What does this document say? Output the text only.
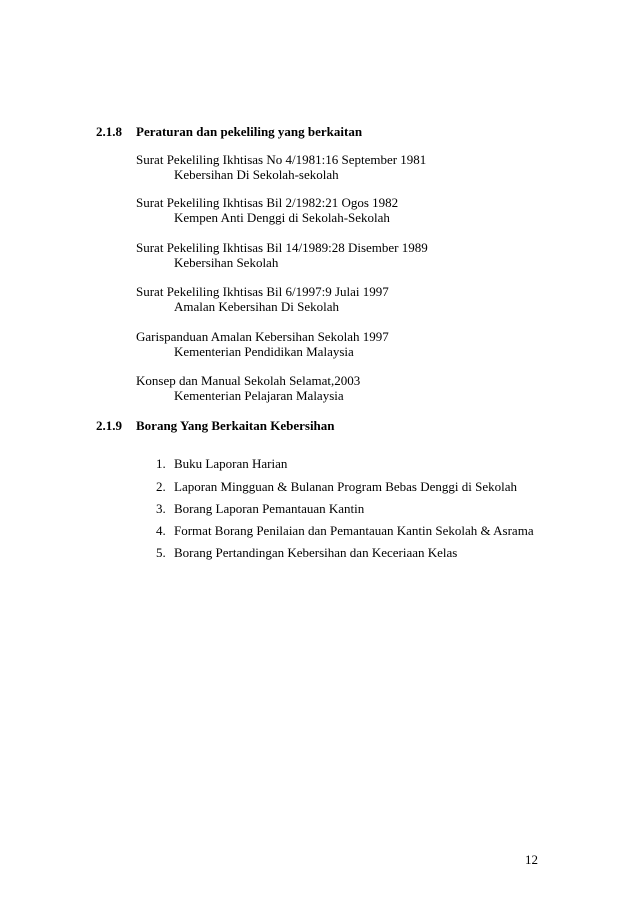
2.1.8 Peraturan dan pekeliling yang berkaitan
Surat Pekeliling Ikhtisas No 4/1981:16 September 1981
Kebersihan Di Sekolah-sekolah
Surat Pekeliling Ikhtisas Bil 2/1982:21 Ogos 1982
Kempen Anti Denggi di Sekolah-Sekolah
Surat Pekeliling Ikhtisas Bil 14/1989:28 Disember 1989
Kebersihan Sekolah
Surat Pekeliling Ikhtisas Bil 6/1997:9 Julai 1997
Amalan Kebersihan Di Sekolah
Garispanduan Amalan Kebersihan Sekolah 1997
Kementerian Pendidikan Malaysia
Konsep dan Manual Sekolah Selamat,2003
Kementerian Pelajaran Malaysia
2.1.9 Borang Yang Berkaitan Kebersihan
1. Buku Laporan Harian
2. Laporan Mingguan & Bulanan Program Bebas Denggi di Sekolah
3. Borang Laporan Pemantauan Kantin
4. Format Borang Penilaian dan Pemantauan Kantin Sekolah & Asrama
5. Borang Pertandingan Kebersihan dan Keceriaan Kelas
12
